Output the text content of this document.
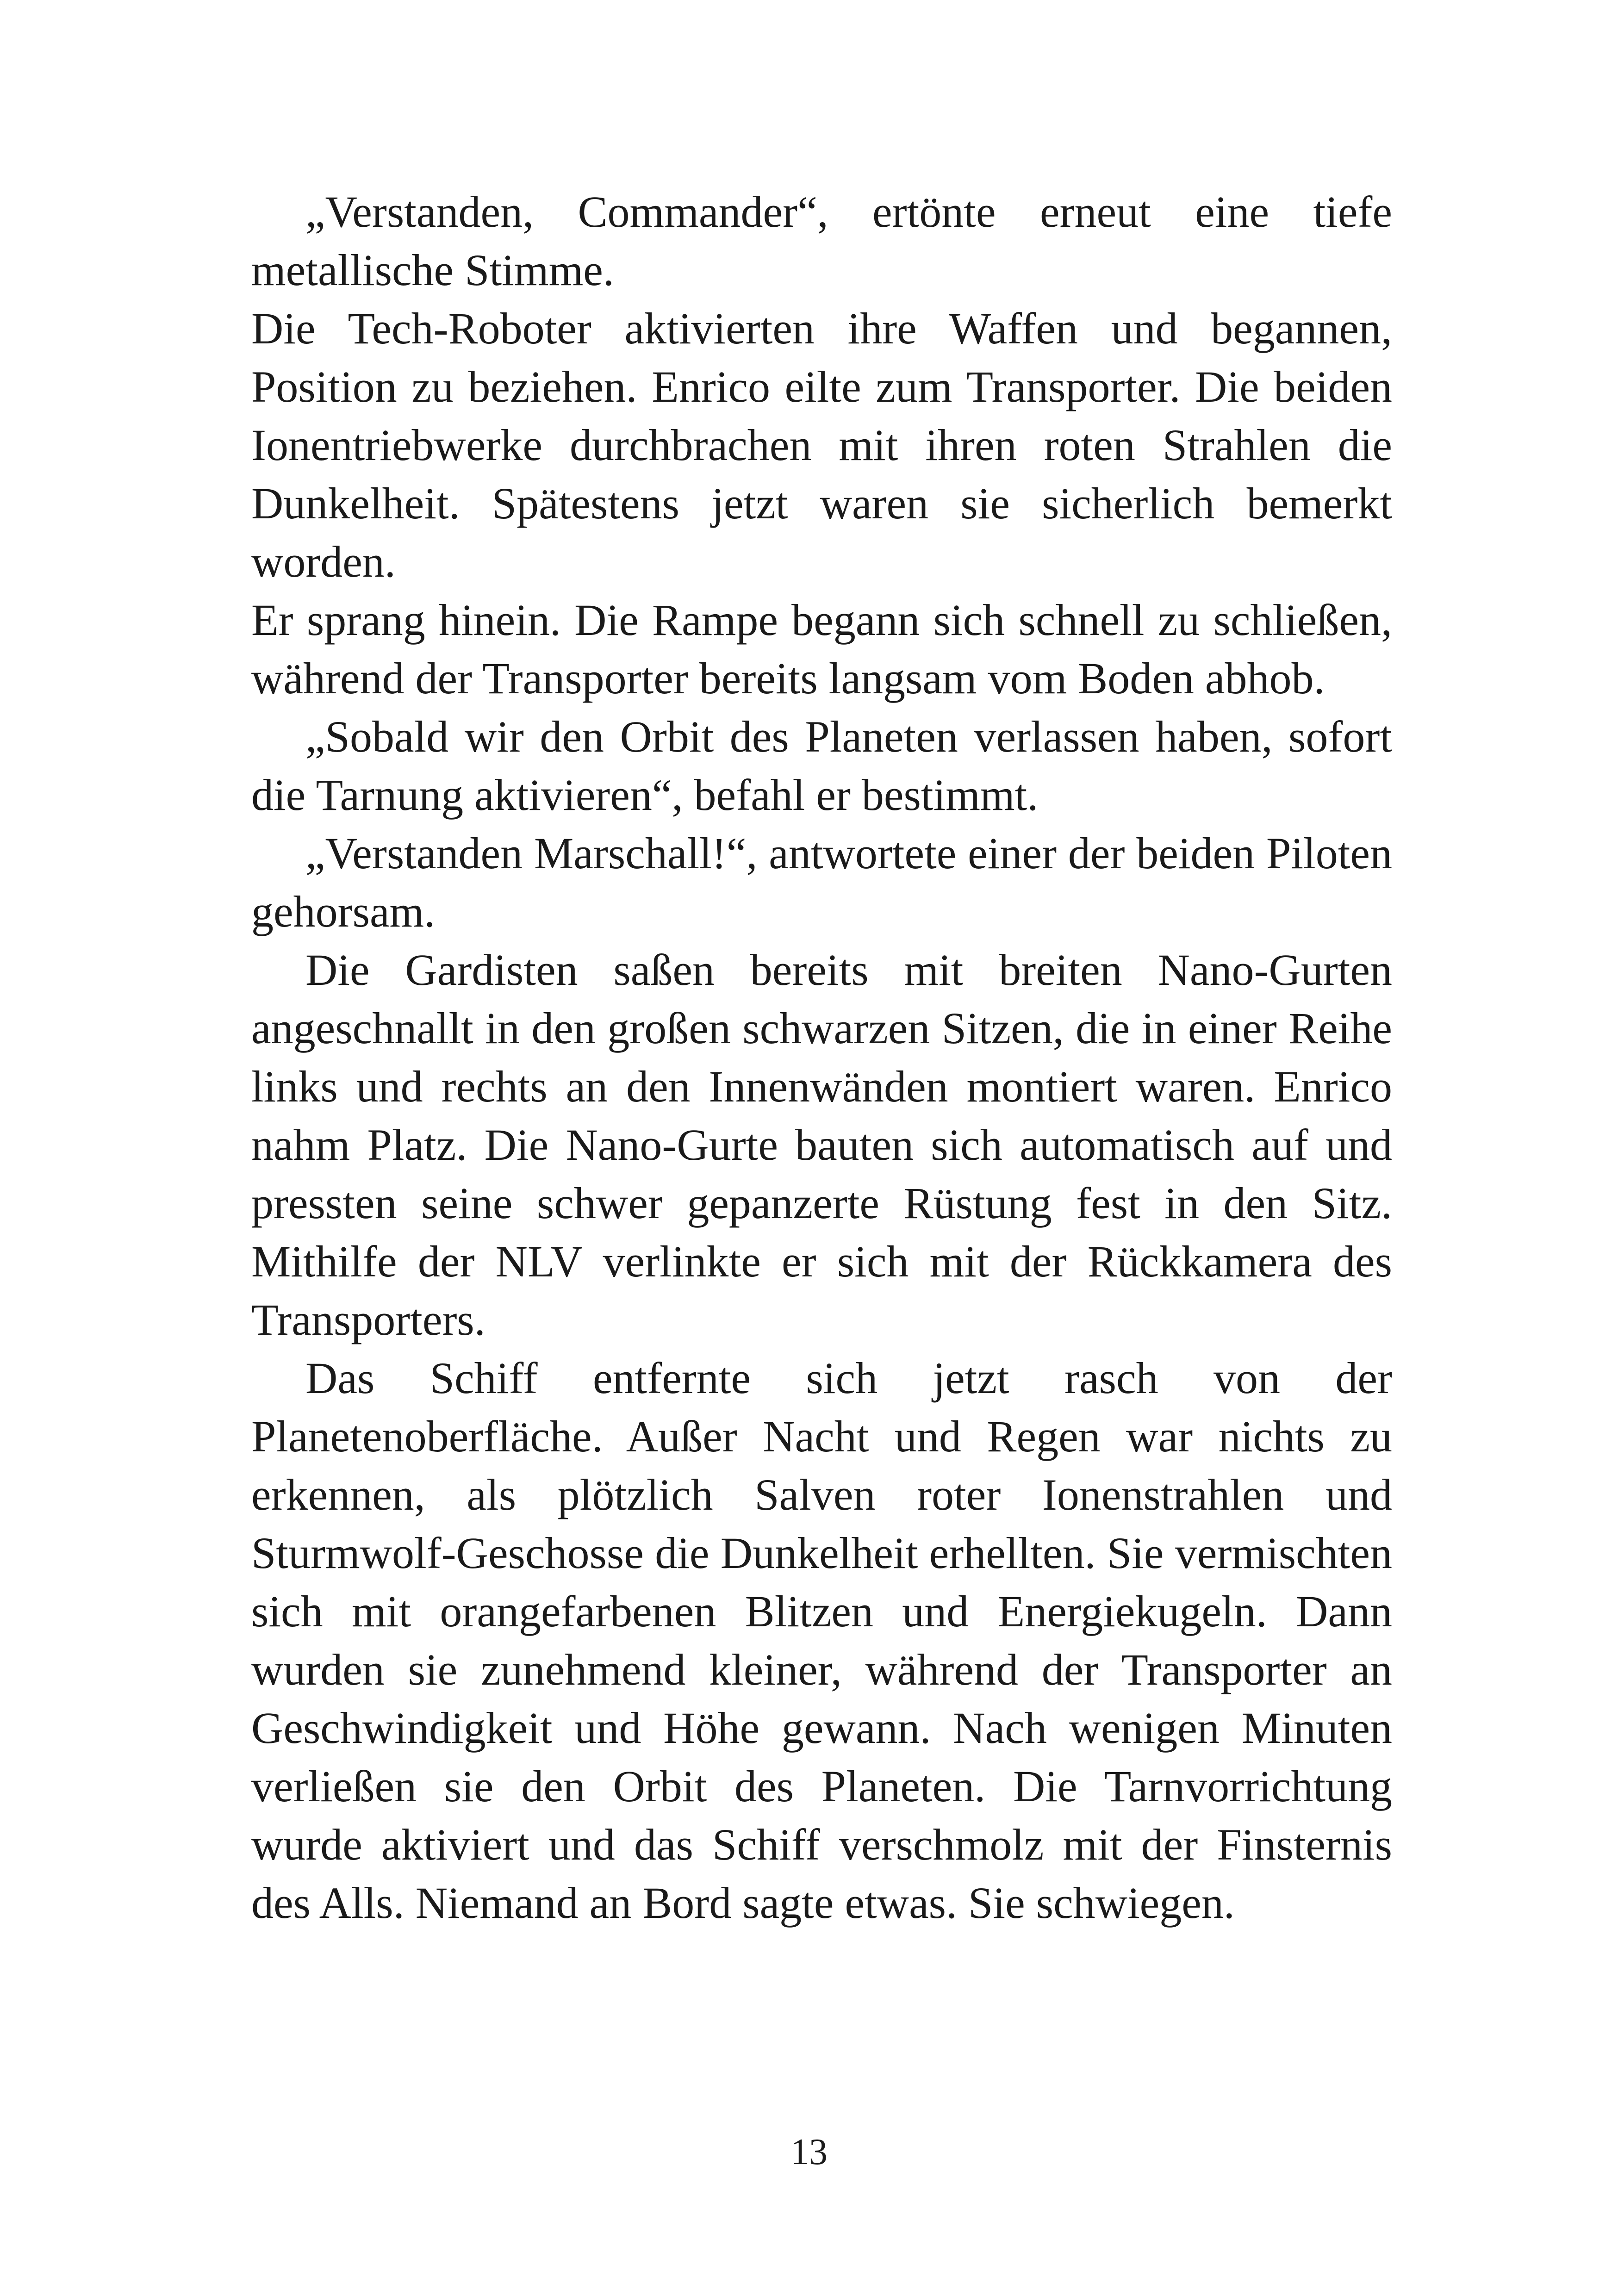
„Verstanden, Commander“, ertönte erneut eine tiefe metallische Stimme.

Die Tech-Roboter aktivierten ihre Waffen und begannen, Position zu beziehen. Enrico eilte zum Transporter. Die beiden Ionentriebwerke durchbrachen mit ihren roten Strahlen die Dunkelheit. Spätestens jetzt waren sie sicherlich bemerkt worden.

Er sprang hinein. Die Rampe begann sich schnell zu schließen, während der Transporter bereits langsam vom Boden abhob.

„Sobald wir den Orbit des Planeten verlassen haben, sofort die Tarnung aktivieren“, befahl er bestimmt.

„Verstanden Marschall!“, antwortete einer der beiden Piloten gehorsam.

Die Gardisten saßen bereits mit breiten Nano-Gurten angeschnallt in den großen schwarzen Sitzen, die in einer Reihe links und rechts an den Innenwänden montiert waren. Enrico nahm Platz. Die Nano-Gurte bauten sich automatisch auf und pressten seine schwer gepanzerte Rüstung fest in den Sitz. Mithilfe der NLV verlinkte er sich mit der Rückkamera des Transporters.

Das Schiff entfernte sich jetzt rasch von der Planetenoberfläche. Außer Nacht und Regen war nichts zu erkennen, als plötzlich Salven roter Ionenstrahlen und Sturmwolf-Geschosse die Dunkelheit erhellten. Sie vermischten sich mit orangefarbenen Blitzen und Energiekugeln. Dann wurden sie zunehmend kleiner, während der Transporter an Geschwindigkeit und Höhe gewann. Nach wenigen Minuten verließen sie den Orbit des Planeten. Die Tarnvorrichtung wurde aktiviert und das Schiff verschmolz mit der Finsternis des Alls. Niemand an Bord sagte etwas. Sie schwiegen.

13
